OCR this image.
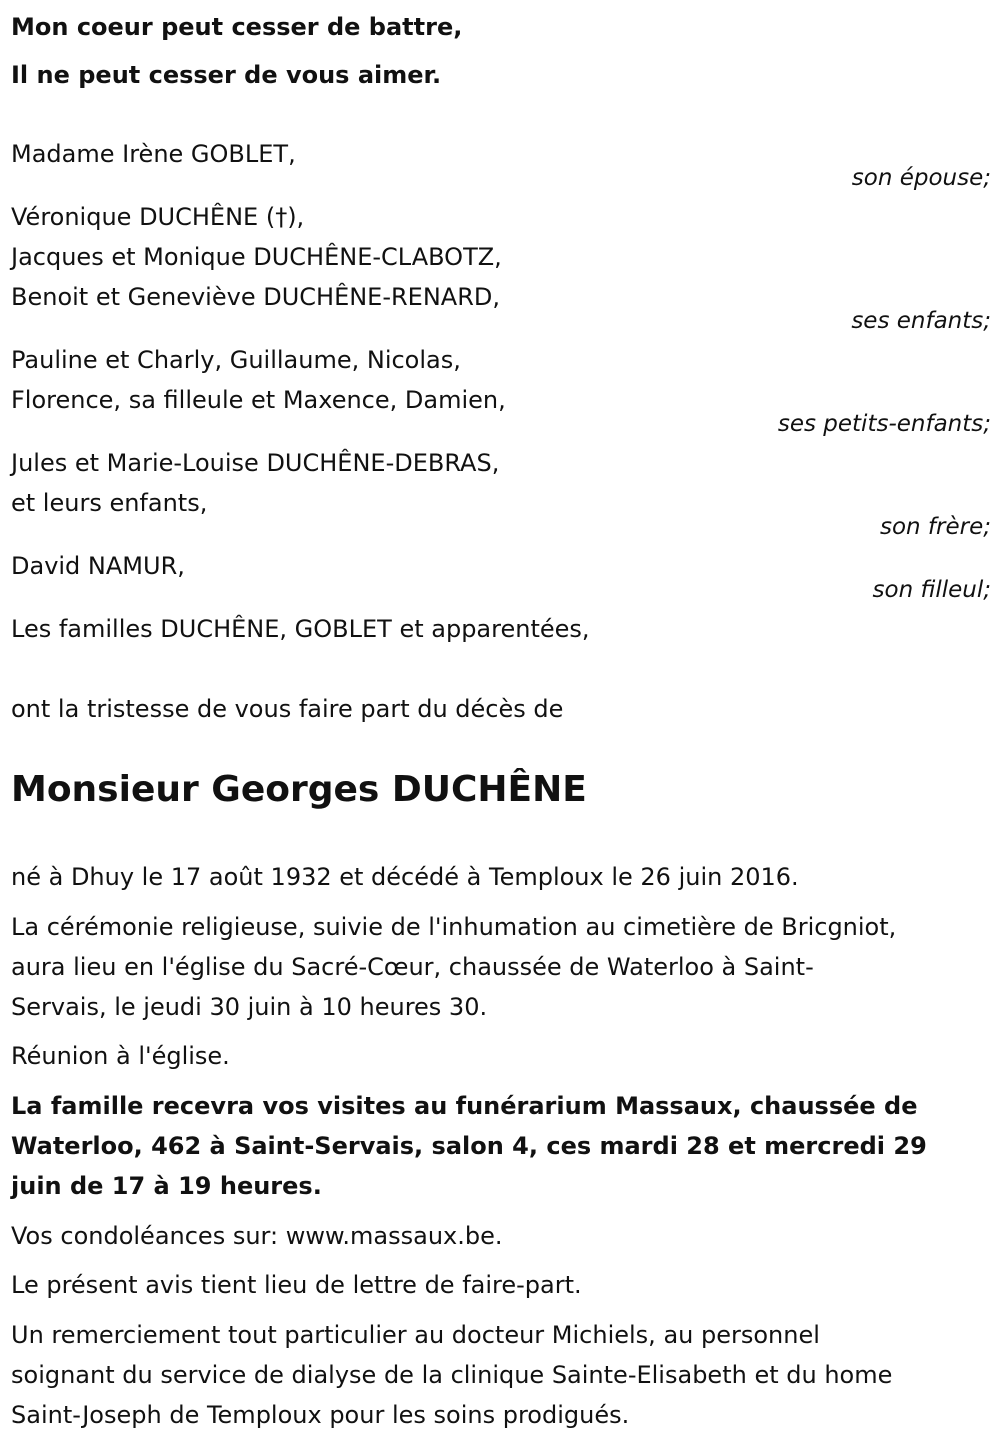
Mon coeur peut cesser de battre,
Il ne peut cesser de vous aimer.
Madame Irène GOBLET,
son épouse;
Véronique DUCHÊNE (†),
Jacques et Monique DUCHÊNE-CLABOTZ,
Benoit et Geneviève DUCHÊNE-RENARD,
ses enfants;
Pauline et Charly, Guillaume, Nicolas,
Florence, sa filleule et Maxence, Damien,
ses petits-enfants;
Jules et Marie-Louise DUCHÊNE-DEBRAS,
et leurs enfants,
son frère;
David NAMUR,
son filleul;
Les familles DUCHÊNE, GOBLET et apparentées,
ont la tristesse de vous faire part du décès de
Monsieur Georges DUCHÊNE
né à Dhuy le 17 août 1932 et décédé à Temploux le 26 juin 2016.
La cérémonie religieuse, suivie de l'inhumation au cimetière de Bricgniot,
aura lieu en l'église du Sacré-Cœur, chaussée de Waterloo à Saint-
Servais, le jeudi 30 juin à 10 heures 30.
Réunion à l'église.
La famille recevra vos visites au funérarium Massaux, chaussée de
Waterloo, 462 à Saint-Servais, salon 4, ces mardi 28 et mercredi 29
juin de 17 à 19 heures.
Vos condoléances sur: www.massaux.be.
Le présent avis tient lieu de lettre de faire-part.
Un remerciement tout particulier au docteur Michiels, au personnel
soignant du service de dialyse de la clinique Sainte-Elisabeth et du home
Saint-Joseph de Temploux pour les soins prodigués.
